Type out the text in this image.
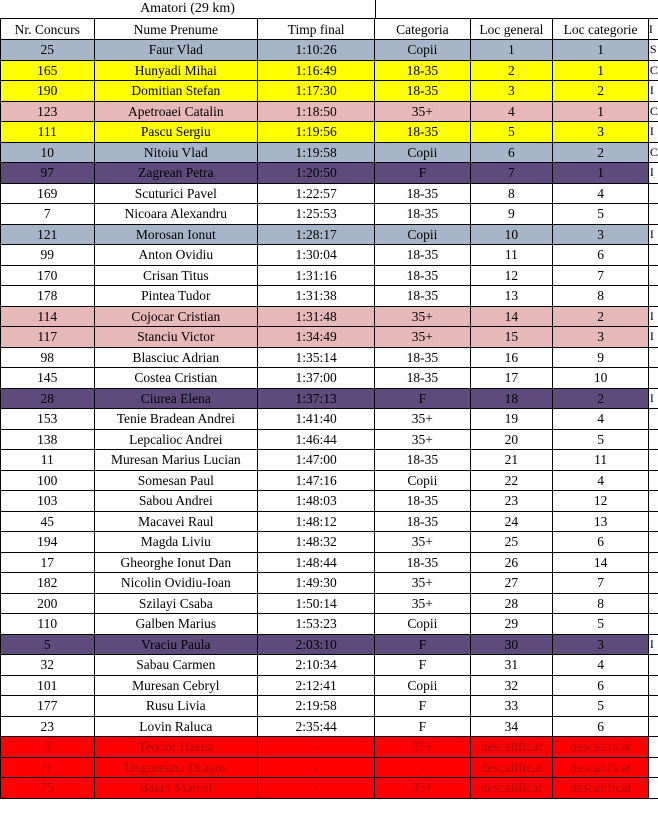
Amatori (29 km)
Nr. Concurs	Nume Prenume	Timp final	Categoria	Loc general	Loc categorie	I
25	Faur Vlad	1:10:26	Copii	1	1	S
165	Hunyadi Mihai	1:16:49	18-35	2	1	C
190	Domitian Stefan	1:17:30	18-35	3	2	I
123	Apetroaei Catalin	1:18:50	35+	4	1	C
111	Pascu Sergiu	1:19:56	18-35	5	3	I
10	Nitoiu Vlad	1:19:58	Copii	6	2	C
97	Zagrean Petra	1:20:50	F	7	1	I
169	Scuturici Pavel	1:22:57	18-35	8	4	
7	Nicoara Alexandru	1:25:53	18-35	9	5	
121	Morosan Ionut	1:28:17	Copii	10	3	I
99	Anton Ovidiu	1:30:04	18-35	11	6	
170	Crisan Titus	1:31:16	18-35	12	7	
178	Pintea Tudor	1:31:38	18-35	13	8	
114	Cojocar Cristian	1:31:48	35+	14	2	I
117	Stanciu Victor	1:34:49	35+	15	3	I
98	Blasciuc Adrian	1:35:14	18-35	16	9	
145	Costea Cristian	1:37:00	18-35	17	10	
28	Ciurea Elena	1:37:13	F	18	2	I
153	Tenie Bradean Andrei	1:41:40	35+	19	4	
138	Lepcalioc Andrei	1:46:44	35+	20	5	
11	Muresan Marius Lucian	1:47:00	18-35	21	11	
100	Somesan Paul	1:47:16	Copii	22	4	
103	Sabou Andrei	1:48:03	18-35	23	12	
45	Macavei Raul	1:48:12	18-35	24	13	
194	Magda Liviu	1:48:32	35+	25	6	
17	Gheorghe Ionut Dan	1:48:44	18-35	26	14	
182	Nicolin Ovidiu-Ioan	1:49:30	35+	27	7	
200	Szilayi Csaba	1:50:14	35+	28	8	
110	Galben Marius	1:53:23	Copii	29	5	
5	Vraciu Paula	2:03:10	F	30	3	I
32	Sabau Carmen	2:10:34	F	31	4	
101	Muresan Cebryl	2:12:41	Copii	32	6	
177	Rusu Livia	2:19:58	F	33	5	
23	Lovin Raluca	2:35:44	F	34	6	
3	Teodor Hasna	-	35+	descalificat	descalificat	
9	Ungureanu Dragos	-	-	descalificat	descalificat	
75	Balan Marcel	-	35+	descalificat	descalificat	
